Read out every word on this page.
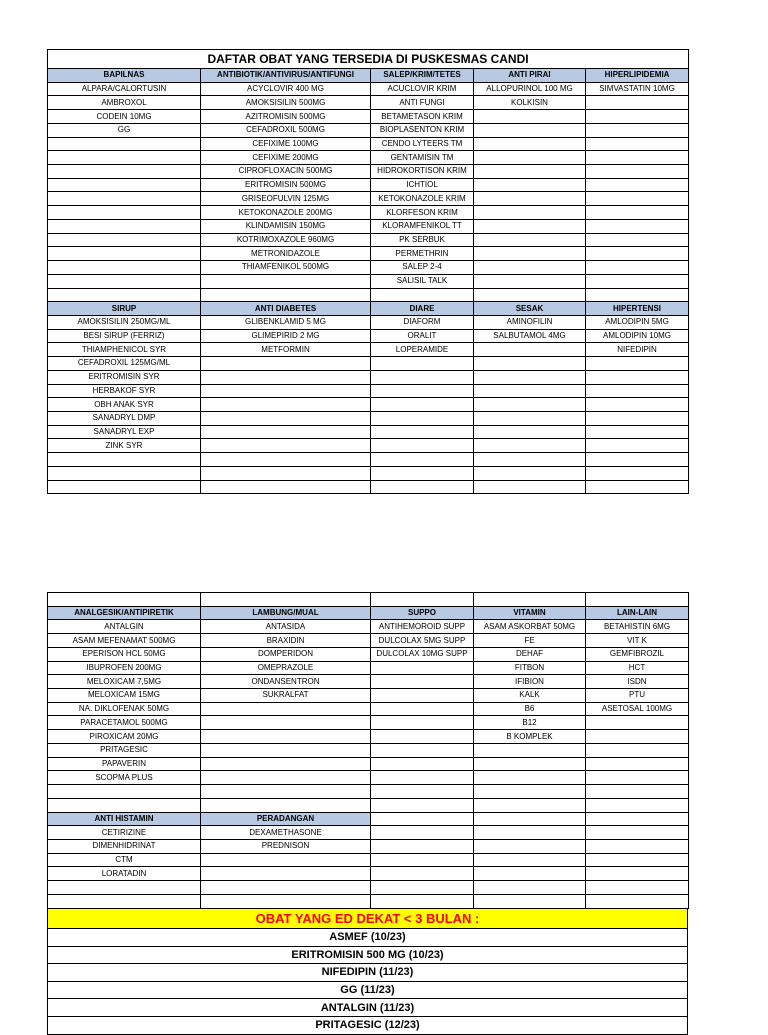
DAFTAR OBAT YANG TERSEDIA DI PUSKESMAS CANDI				
BAPILNAS	ANTIBIOTIK/ANTIVIRUS/ANTIFUNGI	SALEP/KRIM/TETES	ANTI PIRAI	HIPERLIPIDEMIA
ALPARA/CALORTUSIN	ACYCLOVIR 400 MG	ACUCLOVIR KRIM	ALLOPURINOL 100 MG	SIMVASTATIN 10MG
AMBROXOL	AMOKSISILIN 500MG	ANTI FUNGI	KOLKISIN	
CODEIN 10MG	AZITROMISIN 500MG	BETAMETASON KRIM		
GG	CEFADROXIL 500MG	BIOPLASENTON KRIM		
	CEFIXIME 100MG	CENDO LYTEERS TM		
	CEFIXIME 200MG	GENTAMISIN TM		
	CIPROFLOXACIN 500MG	HIDROKORTISON KRIM		
	ERITROMISIN 500MG	ICHTIOL		
	GRISEOFULVIN 125MG	KETOKONAZOLE KRIM		
	KETOKONAZOLE 200MG	KLORFESON KRIM		
	KLINDAMISIN 150MG	KLORAMFENIKOL TT		
	KOTRIMOXAZOLE 960MG	PK SERBUK		
	METRONIDAZOLE	PERMETHRIN		
	THIAMFENIKOL 500MG	SALEP 2-4		
		SALISIL TALK		

SIRUP	ANTI DIABETES	DIARE	SESAK	HIPERTENSI
AMOKSISILIN 250MG/ML	GLIBENKLAMID 5 MG	DIAFORM	AMINOFILIN	AMLODIPIN 5MG
BESI SIRUP (FERRIZ)	GLIMEPIRID 2 MG	ORALIT	SALBUTAMOL 4MG	AMLODIPIN 10MG
THIAMPHENICOL SYR	METFORMIN	LOPERAMIDE		NIFEDIPIN
CEFADROXIL 125MG/ML				
ERITROMISIN SYR				
HERBAKOF SYR				
OBH ANAK SYR				
SANADRYL DMP				
SANADRYL EXP				
ZINK SYR				

ANALGESIK/ANTIPIRETIK	LAMBUNG/MUAL	SUPPO	VITAMIN	LAIN-LAIN
ANTALGIN	ANTASIDA	ANTIHEMOROID SUPP	ASAM ASKORBAT 50MG	BETAHISTIN 6MG
ASAM MEFENAMAT 500MG	BRAXIDIN	DULCOLAX 5MG SUPP	FE	VIT K
EPERISON HCL 50MG	DOMPERIDON	DULCOLAX 10MG SUPP	DEHAF	GEMFIBROZIL
IBUPROFEN 200MG	OMEPRAZOLE		FITBON	HCT
MELOXICAM 7,5MG	ONDANSENTRON		IFIBION	ISDN
MELOXICAM 15MG	SUKRALFAT		KALK	PTU
NA. DIKLOFENAK 50MG			B6	ASETOSAL 100MG
PARACETAMOL 500MG			B12	
PIROXICAM 20MG			B KOMPLEK	
PRITAGESIC				
PAPAVERIN				
SCOPMA PLUS				

ANTI HISTAMIN	PERADANGAN			
CETIRIZINE	DEXAMETHASONE			
DIMENHIDRINAT	PREDNISON			
CTM				
LORATADIN				

OBAT YANG ED DEKAT < 3 BULAN :
ASMEF (10/23)
ERITROMISIN 500 MG (10/23)
NIFEDIPIN (11/23)
GG (11/23)
ANTALGIN (11/23)
PRITAGESIC (12/23)
